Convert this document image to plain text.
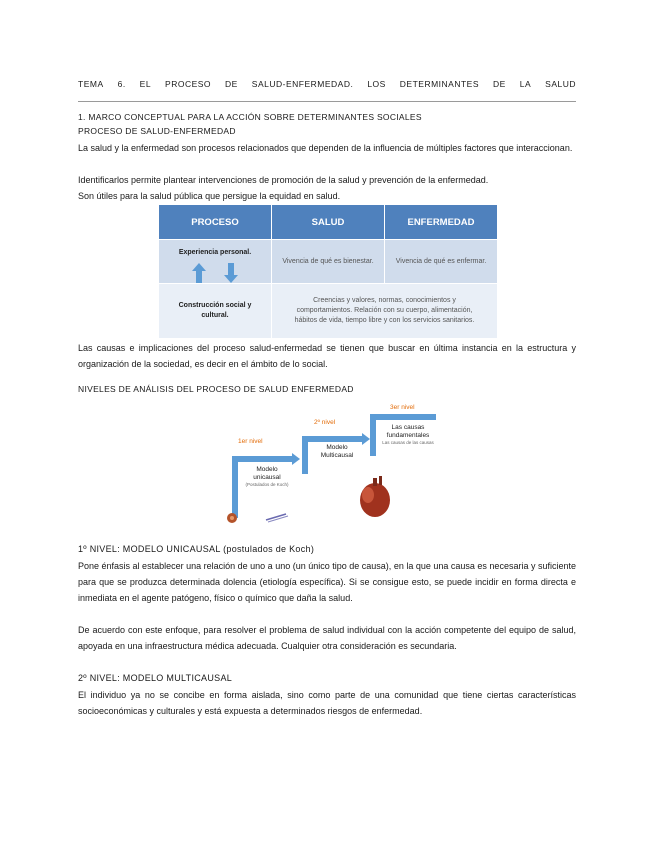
TEMA 6. EL PROCESO DE SALUD-ENFERMEDAD. LOS DETERMINANTES DE LA SALUD
1. MARCO CONCEPTUAL PARA LA ACCIÓN SOBRE DETERMINANTES SOCIALES
PROCESO DE SALUD-ENFERMEDAD
La salud y la enfermedad son procesos relacionados que dependen de la influencia de múltiples factores que interaccionan.
Identificarlos permite plantear intervenciones de promoción de la salud y prevención de la enfermedad.
Son útiles para la salud pública que persigue la equidad en salud.
PROCESO	SALUD	ENFERMEDAD

Experiencia personal.	Vivencia de qué es bienestar.	Vivencia de qué es enfermar.

Construcción social y cultural.	Creencias y valores, normas, conocimientos y comportamientos. Relación con su cuerpo, alimentación, hábitos de vida, tiempo libre y con los servicios sanitarios.	
Las causas e implicaciones del proceso salud-enfermedad se tienen que buscar en última instancia en la estructura y organización de la sociedad, es decir en el ámbito de lo social.
NIVELES DE ANÁLISIS DEL PROCESO DE SALUD ENFERMEDAD
1er nivel
2º nivel
3er nivel
Modelo unicausal
(Postulados de Koch)
Modelo Multicausal
Las causas fundamentales
Las causas de las causas
1º NIVEL: MODELO UNICAUSAL (postulados de Koch)
Pone énfasis al establecer una relación de uno a uno (un único tipo de causa), en la que una causa es necesaria y suficiente para que se produzca determinada dolencia (etiología específica). Si se consigue esto, se puede incidir en forma directa e inmediata en el agente patógeno, físico o químico que daña la salud.
De acuerdo con este enfoque, para resolver el problema de salud individual con la acción competente del equipo de salud, apoyada en una infraestructura médica adecuada. Cualquier otra consideración es secundaria.
2º NIVEL: MODELO MULTICAUSAL
El individuo ya no se concibe en forma aislada, sino como parte de una comunidad que tiene ciertas características socioeconómicas y culturales y está expuesta a determinados riesgos de enfermedad.
